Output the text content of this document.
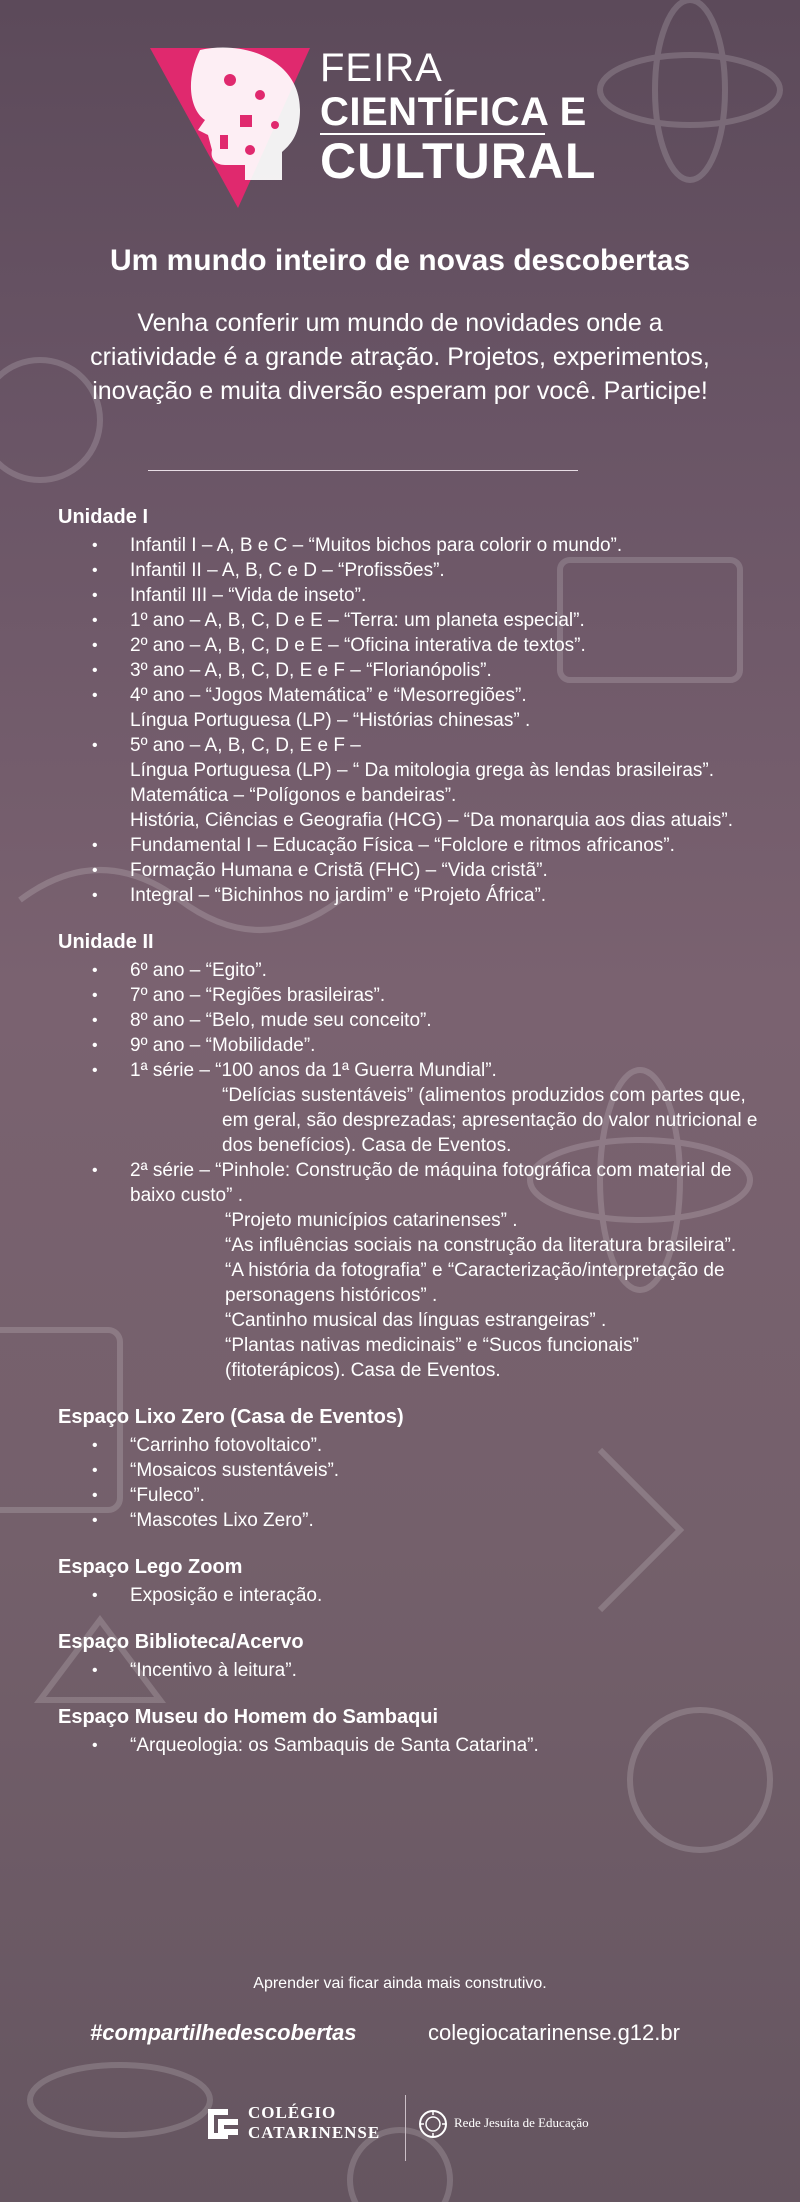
FEIRA
CIENTÍFICA E
CULTURAL
Um mundo inteiro de novas descobertas
Venha conferir um mundo de novidades onde a criatividade é a grande atração. Projetos, experimentos, inovação e muita diversão esperam por você. Participe!
Unidade I
• Infantil I – A, B e C – “Muitos bichos para colorir o mundo”.
• Infantil II – A, B, C e D – “Profissões”.
• Infantil III – “Vida de inseto”.
• 1º ano – A, B, C, D e E – “Terra: um planeta especial”.
• 2º ano – A, B, C, D e E – “Oficina interativa de textos”.
• 3º ano – A, B, C, D, E e F – “Florianópolis”.
• 4º ano – “Jogos Matemática” e “Mesorregiões”.
Língua Portuguesa (LP) – “Histórias chinesas” .
• 5º ano – A, B, C, D, E e F –
Língua Portuguesa (LP) – “ Da mitologia grega às lendas brasileiras”.
Matemática – “Polígonos e bandeiras”.
História, Ciências e Geografia (HCG) – “Da monarquia aos dias atuais”.
• Fundamental I – Educação Física – “Folclore e ritmos africanos”.
• Formação Humana e Cristã (FHC) – “Vida cristã”.
• Integral – “Bichinhos no jardim” e “Projeto África”.
Unidade II
• 6º ano – “Egito”.
• 7º ano – “Regiões brasileiras”.
• 8º ano – “Belo, mude seu conceito”.
• 9º ano – “Mobilidade”.
• 1ª série – “100 anos da 1ª Guerra Mundial”.
“Delícias sustentáveis” (alimentos produzidos com partes que, em geral, são desprezadas; apresentação do valor nutricional e dos benefícios). Casa de Eventos.
• 2ª série – “Pinhole: Construção de máquina fotográfica com material de baixo custo” .
“Projeto municípios catarinenses” .
“As influências sociais na construção da literatura brasileira”.
“A história da fotografia” e “Caracterização/interpretação de personagens históricos” .
“Cantinho musical das línguas estrangeiras” .
“Plantas nativas medicinais” e “Sucos funcionais” (fitoterápicos). Casa de Eventos.
Espaço Lixo Zero (Casa de Eventos)
• “Carrinho fotovoltaico”.
• “Mosaicos sustentáveis”.
• “Fuleco”.
• “Mascotes Lixo Zero”.
Espaço Lego Zoom
• Exposição e interação.
Espaço Biblioteca/Acervo
• “Incentivo à leitura”.
Espaço Museu do Homem do Sambaqui
• “Arqueologia: os Sambaquis de Santa Catarina”.
Aprender vai ficar ainda mais construtivo.
#compartilhedescobertas	colegiocatarinense.g12.br
COLÉGIO
CATARINENSE
Rede Jesuíta de Educação
